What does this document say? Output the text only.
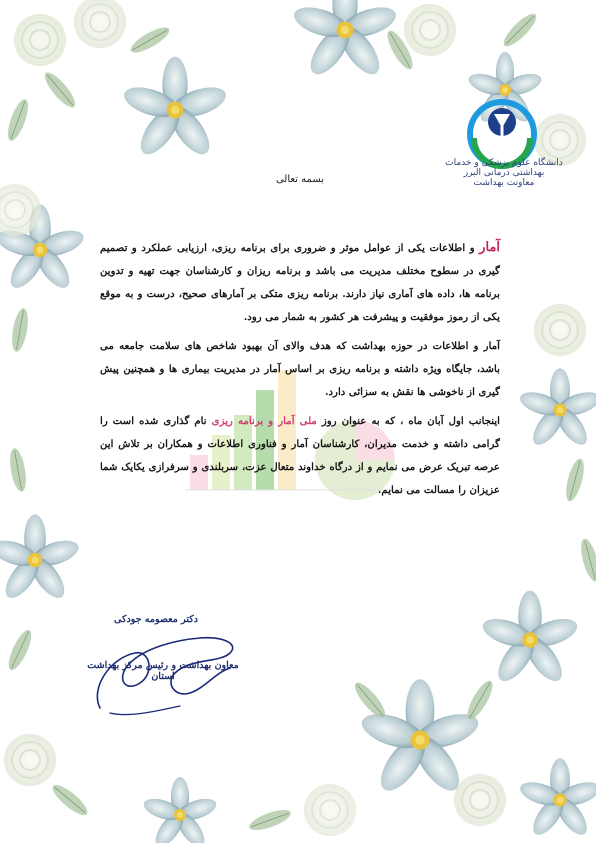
دانشگاه علوم پزشکی و خدمات بهداشتی درمانی البرز
معاونت بهداشت
بسمه تعالی

آمار و اطلاعات یکی از عوامل موثر و ضروری برای برنامه ریزی، ارزیابی عملکرد و تصمیم گیری در سطوح مختلف مدیریت می باشد و برنامه ریزان و کارشناسان جهت تهیه و تدوین برنامه ها، داده های آماری نیاز دارند. برنامه ریزی متکی بر آمارهای صحیح، درست و به موقع یکی از رموز موفقیت و پیشرفت هر کشور به شمار می رود.

آمار و اطلاعات در حوزه بهداشت که هدف والای آن بهبود شاخص های سلامت جامعه می باشد، جایگاه ویژه داشته و برنامه ریزی بر اساس آمار در مدیریت بیماری ها و همچنین پیش گیری از ناخوشی ها نقش به سزائی دارد.

اینجانب اول آبان ماه ، که به عنوان روز ملی آمار و برنامه ریزی نام گذاری شده است را گرامی داشته و خدمت مدیران، کارشناسان آمار و فناوری اطلاعات و همکاران بر تلاش این عرصه تبریک عرض می نمایم و از درگاه خداوند متعال عزت، سربلندی و سرفرازی یکایک شما عزیزان را مسالت می نمایم.

دکتر معصومه جودکی
معاون بهداشت و رئیس مرکز بهداشت استان
